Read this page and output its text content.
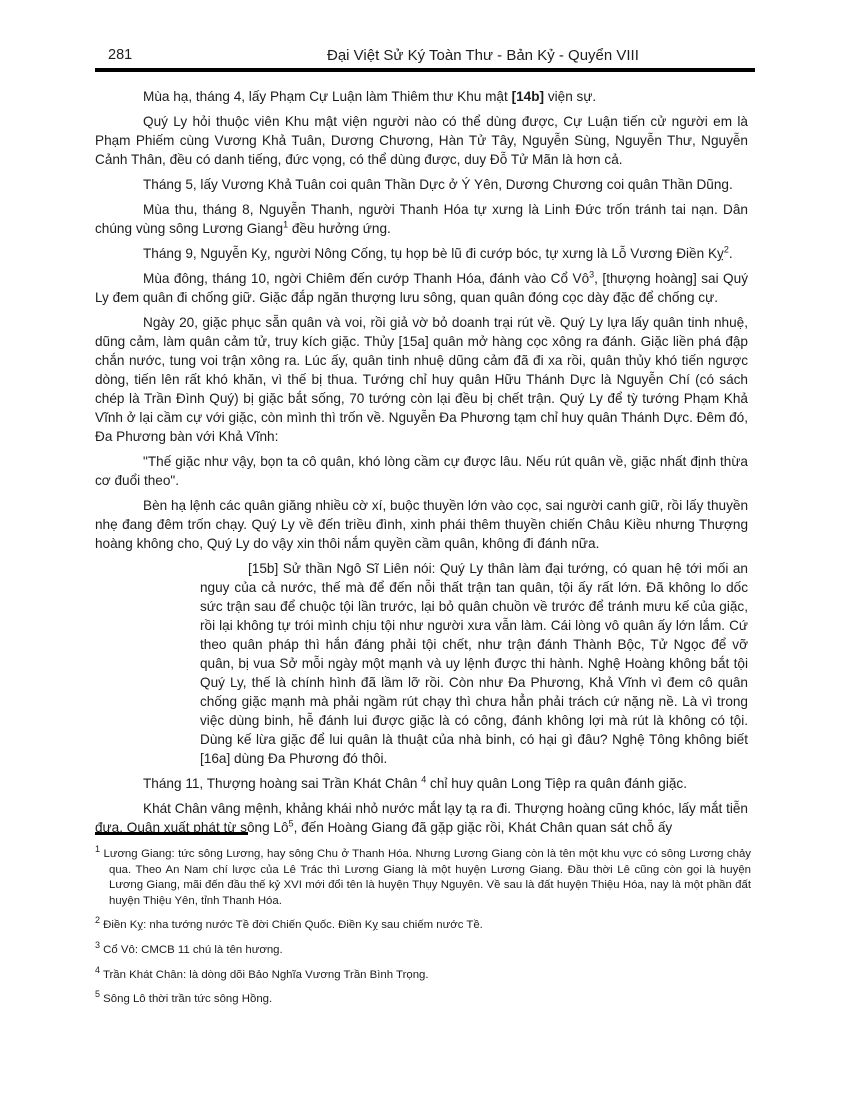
281	Đại Việt Sử Ký Toàn Thư - Bản Kỷ - Quyển VIII

Mùa hạ, tháng 4, lấy Phạm Cự Luận làm Thiêm thư Khu mật [14b] viện sự.

Quý Ly hỏi thuộc viên Khu mật viện người nào có thể dùng được, Cự Luận tiến cử người em là Phạm Phiếm cùng Vương Khả Tuân, Dương Chương, Hàn Tử Tây, Nguyễn Sùng, Nguyễn Thư, Nguyễn Cảnh Thân, đều có danh tiếng, đức vọng, có thể dùng được, duy Đỗ Tử Mãn là hơn cả.

Tháng 5, lấy Vương Khả Tuân coi quân Thần Dực ở Ý Yên, Dương Chương coi quân Thần Dũng.

Mùa thu, tháng 8, Nguyễn Thanh, người Thanh Hóa tự xưng là Linh Đức trốn tránh tai nạn. Dân chúng vùng sông Lương Giang$^1$ đều hưởng ứng.

Tháng 9, Nguyễn Kỵ, người Nông Cống, tụ họp bè lũ đi cướp bóc, tự xưng là Lỗ Vương Điền Kỵ$^2$.

Mùa đông, tháng 10, ngời Chiêm đến cướp Thanh Hóa, đánh vào Cổ $Vô^3$, [thượng hoàng] sai Quý Ly đem quân đi chống giữ. Giặc đắp ngăn thượng lưu sông, quan quân đóng cọc dày đặc để chống cự.

Ngày 20, giặc phục sẵn quân và voi, rồi giả vờ bỏ doanh trại rút về. Quý Ly lựa lấy quân tinh nhuệ, dũng cảm, làm quân cảm tử, truy kích giặc. Thủy [15a] quân mở hàng cọc xông ra đánh. Giặc liền phá đập chắn nước, tung voi trận xông ra. Lúc ấy, quân tinh nhuệ dũng cảm đã đi xa rồi, quân thủy khó tiến ngược dòng, tiến lên rất khó khăn, vì thế bị thua. Tướng chỉ huy quân Hữu Thánh Dực là Nguyễn Chí (có sách chép là Trần Đình Quý) bị giặc bắt sống, 70 tướng còn lại đều bị chết trận. Quý Ly để tỳ tướng Phạm Khả Vĩnh ở lại cầm cự với giặc, còn mình thì trốn về. Nguyễn Đa Phương tạm chỉ huy quân Thánh Dực. Đêm đó, Đa Phương bàn với Khả Vĩnh:

"Thế giặc như vậy, bọn ta cô quân, khó lòng cầm cự được lâu. Nếu rút quân về, giặc nhất định thừa cơ đuổi theo".

Bèn hạ lệnh các quân giăng nhiều cờ xí, buộc thuyền lớn vào cọc, sai người canh giữ, rồi lấy thuyền nhẹ đang đêm trốn chạy. Quý Ly về đến triều đình, xinh phái thêm thuyền chiến Châu Kiều nhưng Thượng hoàng không cho, Quý Ly do vậy xin thôi nắm quyền cầm quân, không đi đánh nữa.

[15b] Sử thần Ngô Sĩ Liên nói: Quý Ly thân làm đại tướng, có quan hệ tới mối an nguy của cả nước, thế mà để đến nỗi thất trận tan quân, tội ấy rất lớn. Đã không lo dốc sức trận sau để chuộc tội lần trước, lại bỏ quân chuồn về trước để tránh mưu kế của giặc, rồi lại không tự trói mình chịu tội như người xưa vẫn làm. Cái lòng vô quân ấy lớn lắm. Cứ theo quân pháp thì hắn đáng phải tội chết, như trận đánh Thành Bộc, Tử Ngọc để vỡ quân, bị vua Sở mỗi ngày một mạnh và uy lệnh được thi hành. Nghệ Hoàng không bắt tội Quý Ly, thế là chính hình đã lầm lỡ rồi. Còn như Đa Phương, Khả Vĩnh vì đem cô quân chống giặc mạnh mà phải ngầm rút chạy thì chưa hẳn phải trách cứ nặng nề. Là vì trong việc dùng binh, hễ đánh lui được giặc là có công, đánh không lợi mà rút là không có tội. Dùng kế lừa giặc để lui quân là thuật của nhà binh, có hại gì đâu? Nghệ Tông không biết [16a] dùng Đa Phương đó thôi.

Tháng 11, Thượng hoàng sai Trần Khát Chân $^4$ chỉ huy quân Long Tiệp ra quân đánh giặc.

Khát Chân vâng mệnh, khảng khái nhỏ nước mắt lạy tạ ra đi. Thượng hoàng cũng khóc, lấy mắt tiễn đưa. Quân xuất phát từ sông $Lô^5$, đến Hoàng Giang đã gặp giặc rồi, Khát Chân quan sát chỗ ấy

$^1$ Lương Giang: tức sông Lương, hay sông Chu ở Thanh Hóa. Nhưng Lương Giang còn là tên một khu vực có sông Lương chảy qua. Theo An Nam chí lược của Lê Trác thì Lương Giang là một huyện Lương Giang. Đầu thời Lê cũng còn gọi là huyện Lương Giang, mãi đến đầu thế kỷ XVI mới đổi tên là huyện Thụy Nguyên. Về sau là đất huyện Thiệu Hóa, nay là một phần đất huyện Thiệu Yên, tỉnh Thanh Hóa.

$^2$ Điền Kỵ: nha tướng nước Tề đời Chiến Quốc. Điền Kỵ sau chiếm nước Tề.

$^3$ Cổ Vô: CMCB 11 chú là tên hương.

$^4$ Trần Khát Chân: là dòng dõi Bảo Nghĩa Vương Trần Bình Trọng.

$^5$ Sông Lô thời trần tức sông Hồng.
